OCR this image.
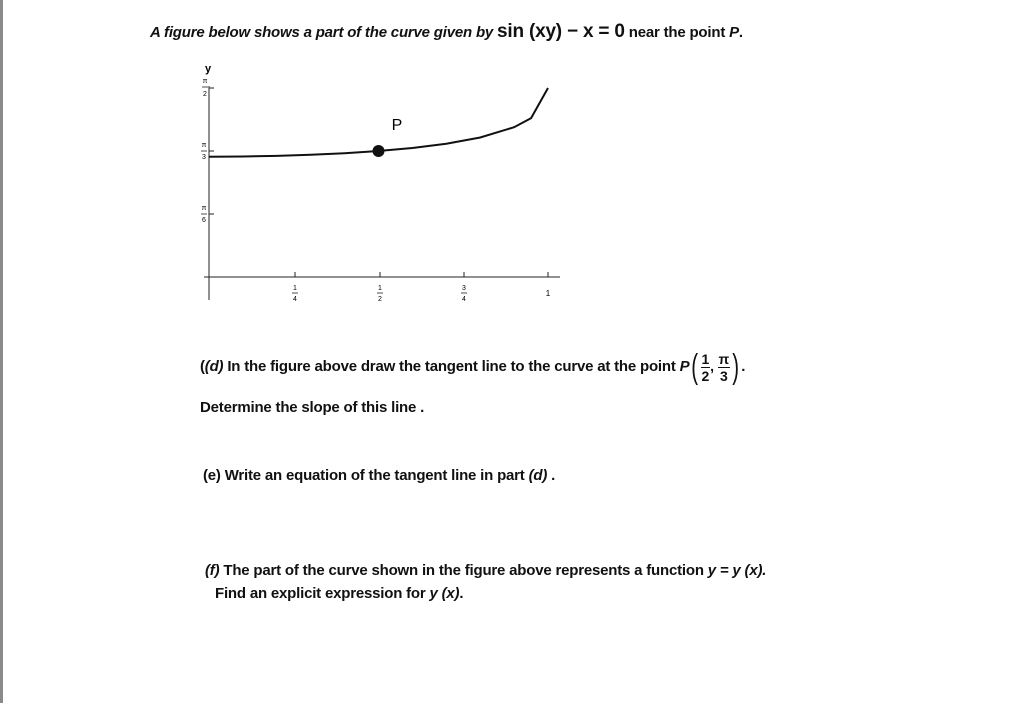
A figure below shows a part of the curve given by sin (xy) − x = 0 near the point P.
y
π
2
π
3
π
6
1
4
1
2
3
4
1
P
((d) In the figure above draw the tangent line to the curve at the point $P( \frac{1}{2}$ , $\frac{\pi}{3}$ ) .
Determine the slope of this line .
(e) Write an equation of the tangent line in part (d) .
(f) The part of the curve shown in the figure above represents a function y = y (x).
Find an explicit expression for y (x).
